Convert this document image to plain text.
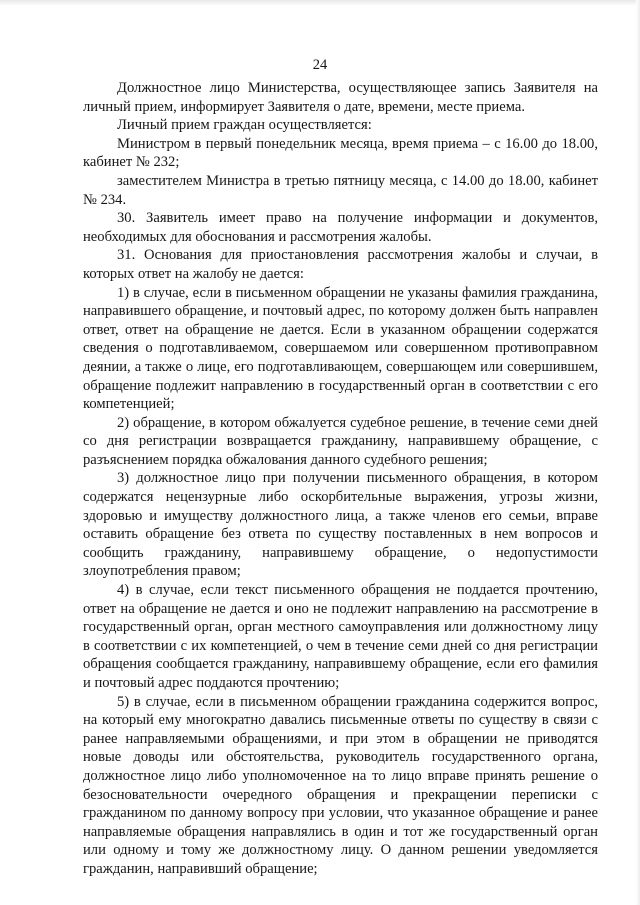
24

Должностное лицо Министерства, осуществляющее запись Заявителя на личный прием, информирует Заявителя о дате, времени, месте приема.

Личный прием граждан осуществляется:

Министром в первый понедельник месяца, время приема – с 16.00 до 18.00, кабинет № 232;

заместителем Министра в третью пятницу месяца, с 14.00 до 18.00, кабинет № 234.

30. Заявитель имеет право на получение информации и документов, необходимых для обоснования и рассмотрения жалобы.

31. Основания для приостановления рассмотрения жалобы и случаи, в которых ответ на жалобу не дается:

1) в случае, если в письменном обращении не указаны фамилия гражданина, направившего обращение, и почтовый адрес, по которому должен быть направлен ответ, ответ на обращение не дается. Если в указанном обращении содержатся сведения о подготавливаемом, совершаемом или совершенном противоправном деянии, а также о лице, его подготавливающем, совершающем или совершившем, обращение подлежит направлению в государственный орган в соответствии с его компетенцией;

2) обращение, в котором обжалуется судебное решение, в течение семи дней со дня регистрации возвращается гражданину, направившему обращение, с разъяснением порядка обжалования данного судебного решения;

3) должностное лицо при получении письменного обращения, в котором содержатся нецензурные либо оскорбительные выражения, угрозы жизни, здоровью и имуществу должностного лица, а также членов его семьи, вправе оставить обращение без ответа по существу поставленных в нем вопросов и сообщить гражданину, направившему обращение, о недопустимости злоупотребления правом;

4) в случае, если текст письменного обращения не поддается прочтению, ответ на обращение не дается и оно не подлежит направлению на рассмотрение в государственный орган, орган местного самоуправления или должностному лицу в соответствии с их компетенцией, о чем в течение семи дней со дня регистрации обращения сообщается гражданину, направившему обращение, если его фамилия и почтовый адрес поддаются прочтению;

5) в случае, если в письменном обращении гражданина содержится вопрос, на который ему многократно давались письменные ответы по существу в связи с ранее направляемыми обращениями, и при этом в обращении не приводятся новые доводы или обстоятельства, руководитель государственного органа, должностное лицо либо уполномоченное на то лицо вправе принять решение о безосновательности очередного обращения и прекращении переписки с гражданином по данному вопросу при условии, что указанное обращение и ранее направляемые обращения направлялись в один и тот же государственный орган или одному и тому же должностному лицу. О данном решении уведомляется гражданин, направивший обращение;
